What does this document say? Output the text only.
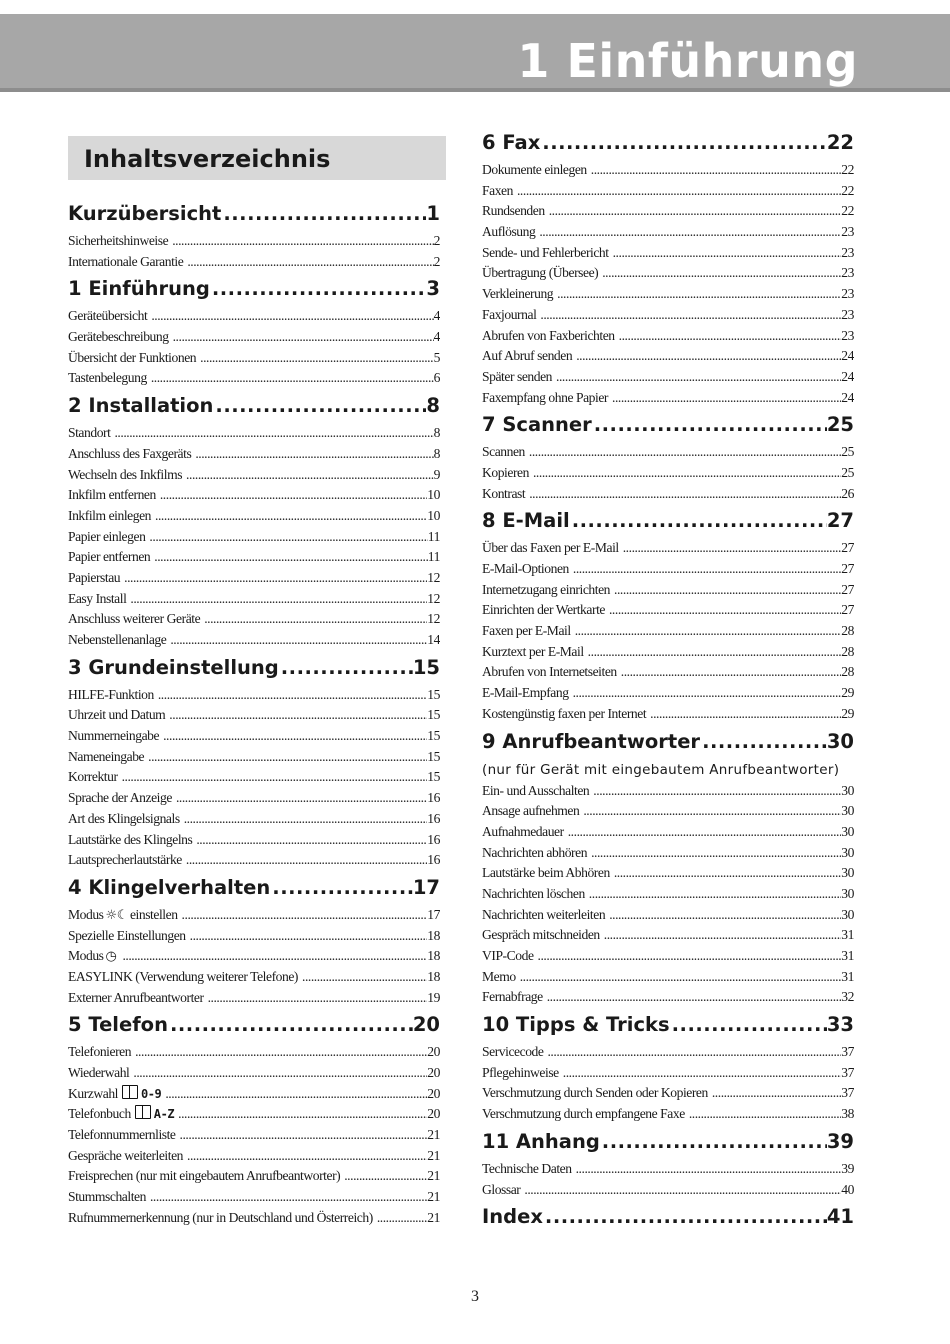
1 Einführung
Inhaltsverzeichnis
Kurzübersicht .....	1
Sicherheitshinweise .....	2
Internationale Garantie .....	2
1 Einführung .....	3
Geräteübersicht .....	4
Gerätebeschreibung .....	4
Übersicht der Funktionen .....	5
Tastenbelegung .....	6
2 Installation .....	8
Standort .....	8
Anschluss des Faxgeräts .....	8
Wechseln des Inkfilms .....	9
Inkfilm entfernen .....	10
Inkfilm einlegen .....	10
Papier einlegen .....	11
Papier entfernen .....	11
Papierstau .....	12
Easy Install .....	12
Anschluss weiterer Geräte .....	12
Nebenstellenanlage .....	14
3 Grundeinstellung .....	15
HILFE-Funktion .....	15
Uhrzeit und Datum .....	15
Nummerneingabe .....	15
Nameneingabe .....	15
Korrektur .....	15
Sprache der Anzeige .....	16
Art des Klingelsignals .....	16
Lautstärke des Klingelns .....	16
Lautsprecherlautstärke .....	16
4 Klingelverhalten .....	17
Modus ☼☾ einstellen .....	17
Spezielle Einstellungen .....	18
Modus ◷ .....	18
EASYLINK (Verwendung weiterer Telefone) .....	18
Externer Anrufbeantworter .....	19
5 Telefon .....	20
Telefonieren .....	20
Wiederwahl .....	20
Kurzwahl 0-9 .....	20
Telefonbuch A-Z .....	20
Telefonnummernliste .....	21
Gespräche weiterleiten .....	21
Freisprechen (nur mit eingebautem Anrufbeantworter) .....	21
Stummschalten .....	21
Rufnummernerkennung (nur in Deutschland und Österreich) .....	21
6 Fax .....	22
Dokumente einlegen .....	22
Faxen .....	22
Rundsenden .....	22
Auflösung .....	23
Sende- und Fehlerbericht .....	23
Übertragung (Übersee) .....	23
Verkleinerung .....	23
Faxjournal .....	23
Abrufen von Faxberichten .....	23
Auf Abruf senden .....	24
Später senden .....	24
Faxempfang ohne Papier .....	24
7 Scanner .....	25
Scannen .....	25
Kopieren .....	25
Kontrast .....	26
8 E-Mail .....	27
Über das Faxen per E-Mail .....	27
E-Mail-Optionen .....	27
Internetzugang einrichten .....	27
Einrichten der Wertkarte .....	27
Faxen per E-Mail .....	28
Kurztext per E-Mail .....	28
Abrufen von Internetseiten .....	28
E-Mail-Empfang .....	29
Kostengünstig faxen per Internet .....	29
9 Anrufbeantworter .....	30
(nur für Gerät mit eingebautem Anrufbeantworter)
Ein- und Ausschalten .....	30
Ansage aufnehmen .....	30
Aufnahmedauer .....	30
Nachrichten abhören .....	30
Lautstärke beim Abhören .....	30
Nachrichten löschen .....	30
Nachrichten weiterleiten .....	30
Gespräch mitschneiden .....	31
VIP-Code .....	31
Memo .....	31
Fernabfrage .....	32
10 Tipps & Tricks .....	33
Servicecode .....	37
Pflegehinweise .....	37
Verschmutzung durch Senden oder Kopieren .....	37
Verschmutzung durch empfangene Faxe .....	38
11 Anhang .....	39
Technische Daten .....	39
Glossar .....	40
Index .....	41
3
